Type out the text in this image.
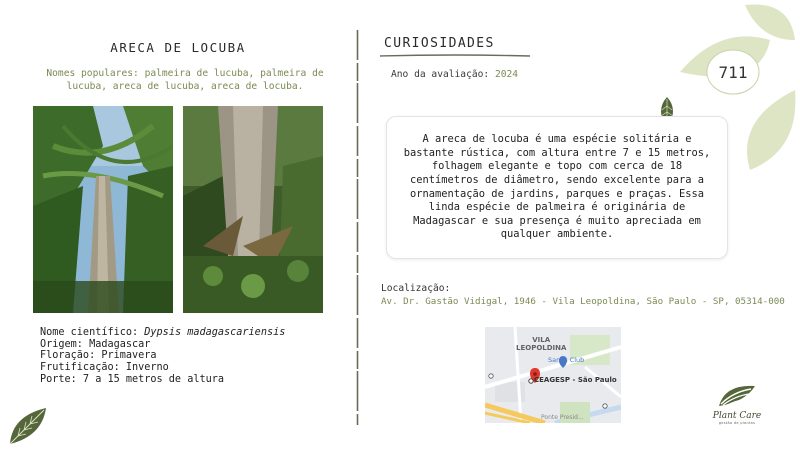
ARECA DE LOCUBA
Nomes populares: palmeira de lucuba, palmeira de lucuba, areca de lucuba, areca de locuba.
Nome científico: Dypsis madagascariensis
Origem: Madagascar
Floração: Primavera
Frutificação: Inverno
Porte: 7 a 15 metros de altura
CURIOSIDADES
Ano da avaliação: 2024	711

A areca de locuba é uma espécie solitária e bastante rústica, com altura entre 7 e 15 metros, folhagem elegante e topo com cerca de 18 centímetros de diâmetro, sendo excelente para a ornamentação de jardins, parques e praças. Essa linda espécie de palmeira é originária de Madagascar e sua presença é muito apreciada em qualquer ambiente.

Localização:
Av. Dr. Gastão Vidigal, 1946 - Vila Leopoldina, São Paulo - SP, 05314-000
VILA
LEOPOLDINA
Sam's Club
CEAGESP - São Paulo
Ponte Presid...	Plant Care
gestão de plantas
